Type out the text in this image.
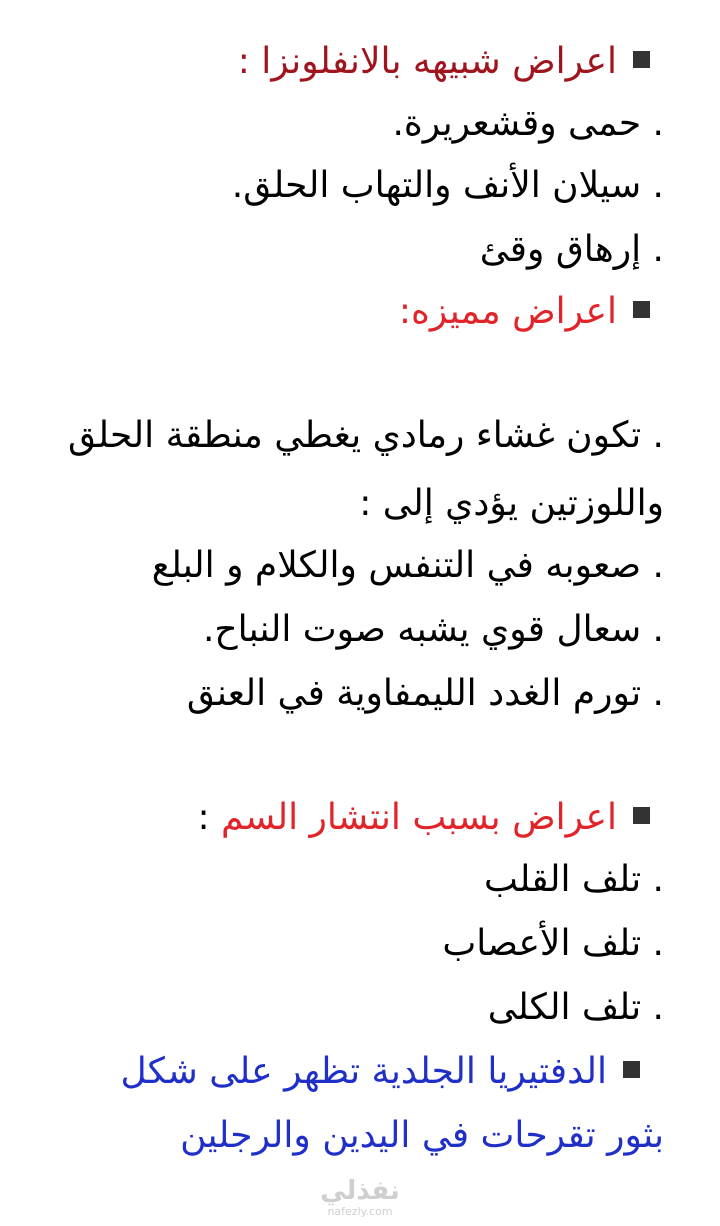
اعراض شبيهه بالانفلونزا :
. حمى وقشعريرة.
. سيلان الأنف والتهاب الحلق.
. إرهاق وقئ
اعراض مميزه:
. تكون غشاء رمادي يغطي منطقة الحلق
واللوزتين يؤدي إلى :
. صعوبه في التنفس والكلام و البلع
. سعال قوي يشبه صوت النباح.
. تورم الغدد الليمفاوية في العنق
اعراض بسبب انتشار السم :
. تلف القلب
. تلف الأعصاب
. تلف الكلى
الدفتيريا الجلدية تظهر على شكل
بثور تقرحات في اليدين والرجلين
نفذلي
nafezly.com
